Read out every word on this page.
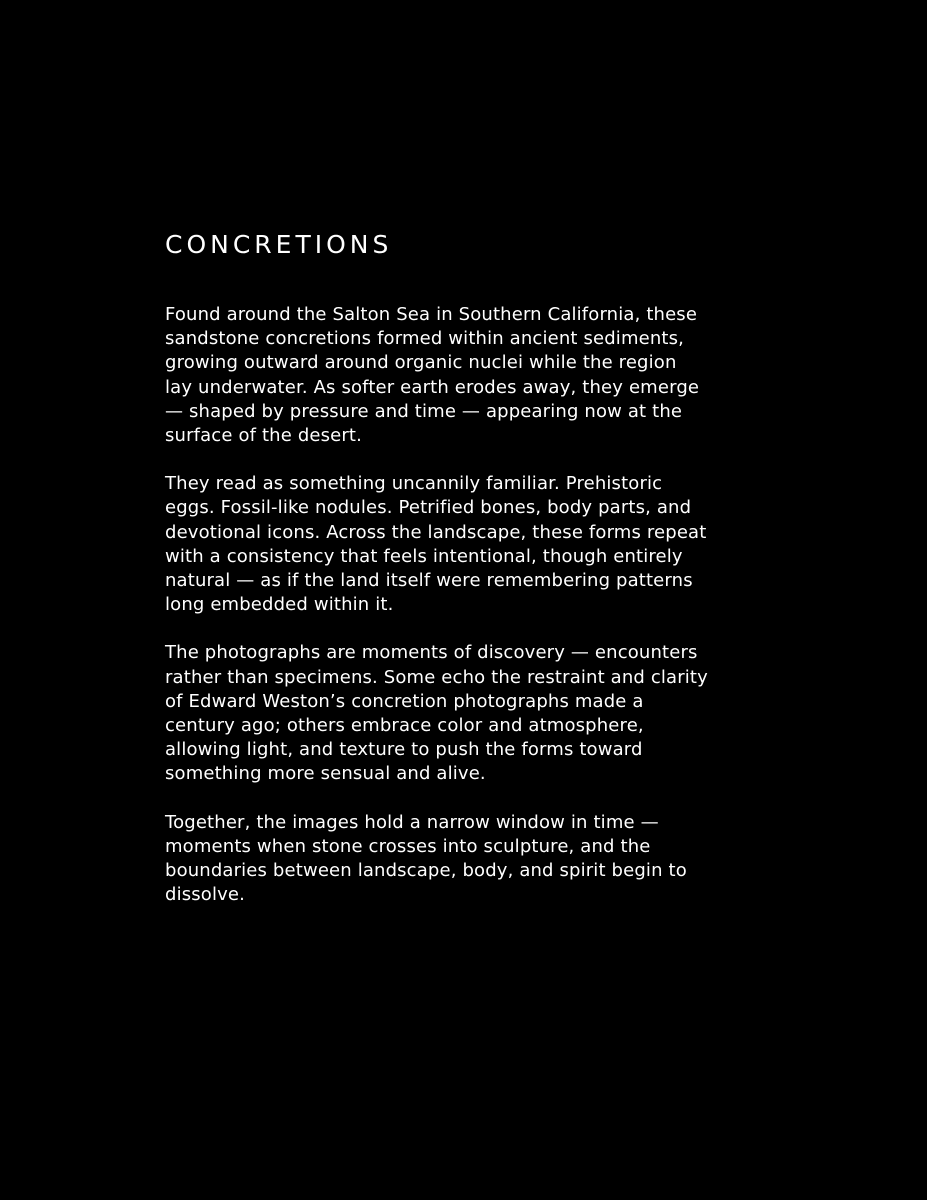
CONCRETIONS

Found around the Salton Sea in Southern California, these
sandstone concretions formed within ancient sediments,
growing outward around organic nuclei while the region
lay underwater. As softer earth erodes away, they emerge
— shaped by pressure and time — appearing now at the
surface of the desert.

They read as something uncannily familiar. Prehistoric
eggs. Fossil-like nodules. Petrified bones, body parts, and
devotional icons. Across the landscape, these forms repeat
with a consistency that feels intentional, though entirely
natural — as if the land itself were remembering patterns
long embedded within it.

The photographs are moments of discovery — encounters
rather than specimens. Some echo the restraint and clarity
of Edward Weston’s concretion photographs made a
century ago; others embrace color and atmosphere,
allowing light, and texture to push the forms toward
something more sensual and alive.

Together, the images hold a narrow window in time —
moments when stone crosses into sculpture, and the
boundaries between landscape, body, and spirit begin to
dissolve.
